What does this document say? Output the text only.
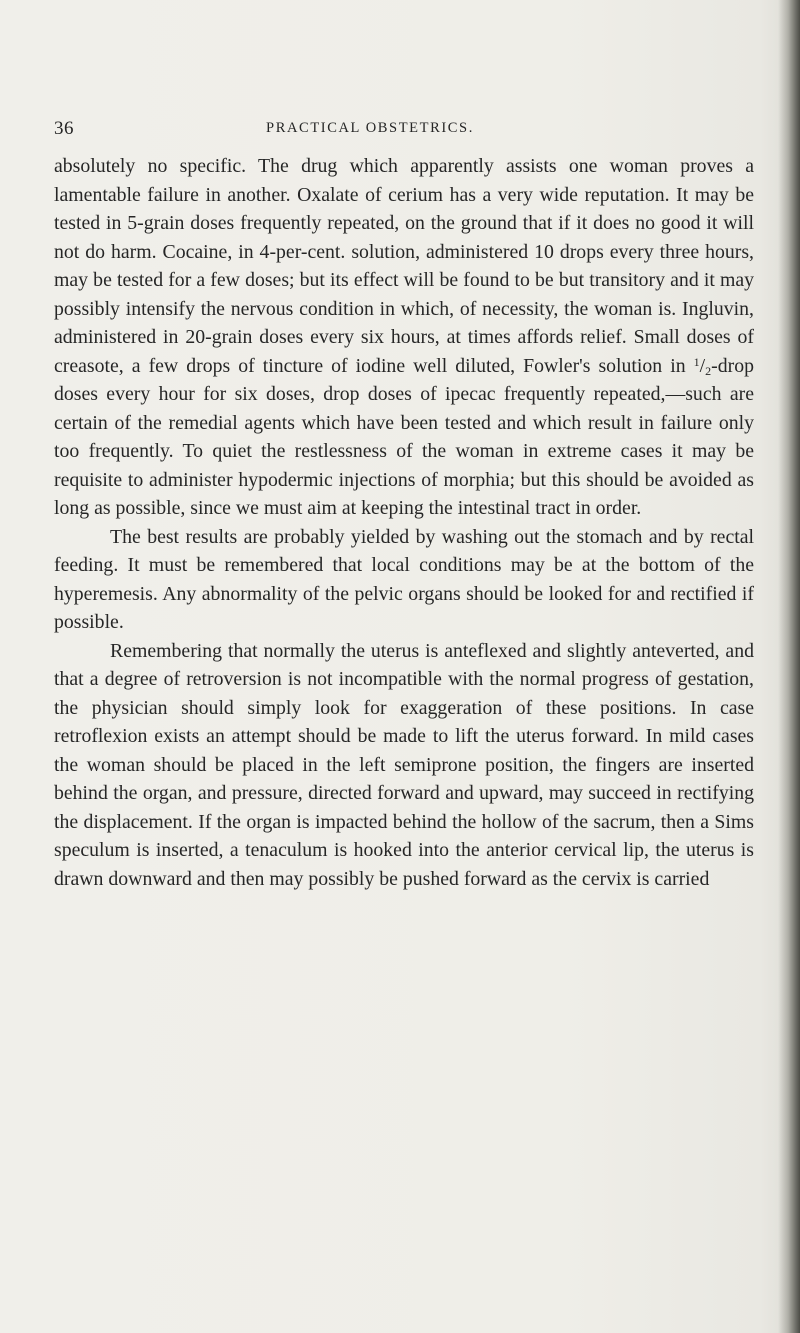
36	PRACTICAL OBSTETRICS.

absolutely no specific. The drug which apparently assists one woman proves a lamentable failure in another. Oxalate of cerium has a very wide reputation. It may be tested in 5-grain doses frequently repeated, on the ground that if it does no good it will not do harm. Cocaine, in 4-per-cent. solution, administered 10 drops every three hours, may be tested for a few doses; but its effect will be found to be but transitory and it may possibly intensify the nervous condition in which, of necessity, the woman is. Ingluvin, administered in 20-grain doses every six hours, at times affords relief. Small doses of creasote, a few drops of tincture of iodine well diluted, Fowler's solution in $^1/_2$-drop doses every hour for six doses, drop doses of ipecac frequently repeated,—such are certain of the remedial agents which have been tested and which result in failure only too frequently. To quiet the restlessness of the woman in extreme cases it may be requisite to administer hypodermic injections of morphia; but this should be avoided as long as possible, since we must aim at keeping the intestinal tract in order.

The best results are probably yielded by washing out the stomach and by rectal feeding. It must be remembered that local conditions may be at the bottom of the hyperemesis. Any abnormality of the pelvic organs should be looked for and rectified if possible.

Remembering that normally the uterus is anteflexed and slightly anteverted, and that a degree of retroversion is not incompatible with the normal progress of gestation, the physician should simply look for exaggeration of these positions. In case retroflexion exists an attempt should be made to lift the uterus forward. In mild cases the woman should be placed in the left semiprone position, the fingers are inserted behind the organ, and pressure, directed forward and upward, may succeed in rectifying the displacement. If the organ is impacted behind the hollow of the sacrum, then a Sims speculum is inserted, a tenaculum is hooked into the anterior cervical lip, the uterus is drawn downward and then may possibly be pushed forward as the cervix is carried
